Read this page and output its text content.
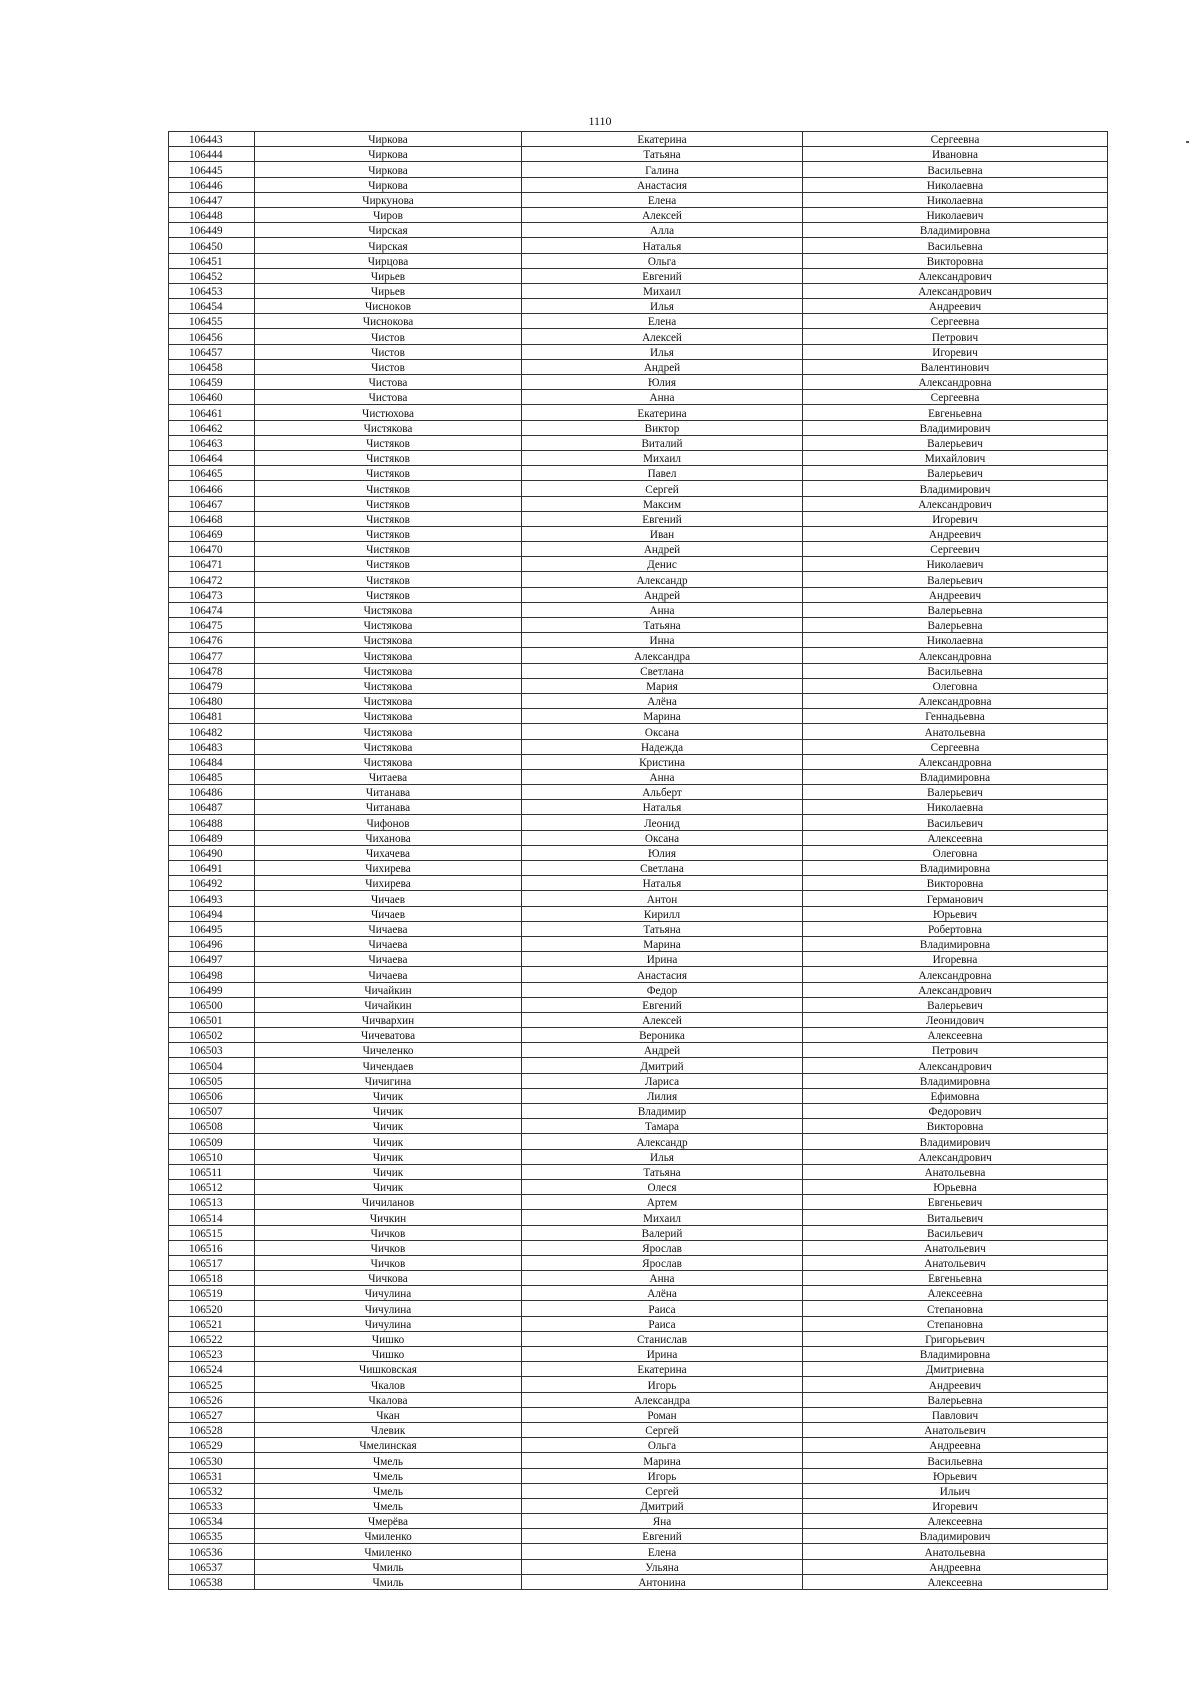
1110
106443	Чиркова	Екатерина	Сергеевна
106444	Чиркова	Татьяна	Ивановна
106445	Чиркова	Галина	Васильевна
106446	Чиркова	Анастасия	Николаевна
106447	Чиркунова	Елена	Николаевна
106448	Чиров	Алексей	Николаевич
106449	Чирская	Алла	Владимировна
106450	Чирская	Наталья	Васильевна
106451	Чирцова	Ольга	Викторовна
106452	Чирьев	Евгений	Александрович
106453	Чирьев	Михаил	Александрович
106454	Чиснокoв	Илья	Андреевич
106455	Чиснокова	Елена	Сергеевна
106456	Чистов	Алексей	Петрович
106457	Чистов	Илья	Игоревич
106458	Чистов	Андрей	Валентинович
106459	Чистова	Юлия	Александровна
106460	Чистова	Анна	Сергеевна
106461	Чистюхова	Екатерина	Евгеньевна
106462	Чистякова	Виктор	Владимирович
106463	Чистяков	Виталий	Валерьевич
106464	Чистяков	Михаил	Михайлович
106465	Чистяков	Павел	Валерьевич
106466	Чистяков	Сергей	Владимирович
106467	Чистяков	Максим	Александрович
106468	Чистяков	Евгений	Игоревич
106469	Чистяков	Иван	Андреевич
106470	Чистяков	Андрей	Сергеевич
106471	Чистяков	Денис	Николаевич
106472	Чистяков	Александр	Валерьевич
106473	Чистяков	Андрей	Андреевич
106474	Чистякова	Анна	Валерьевна
106475	Чистякова	Татьяна	Валерьевна
106476	Чистякова	Инна	Николаевна
106477	Чистякова	Александра	Александровна
106478	Чистякова	Светлана	Васильевна
106479	Чистякова	Мария	Олеговна
106480	Чистякова	Алёна	Александровна
106481	Чистякова	Марина	Геннадьевна
106482	Чистякова	Оксана	Анатольевна
106483	Чистякова	Надежда	Сергеевна
106484	Чистякова	Кристина	Александровна
106485	Читаева	Анна	Владимировна
106486	Читанава	Альберт	Валерьевич
106487	Читанава	Наталья	Николаевна
106488	Чифонов	Леонид	Васильевич
106489	Чиханова	Оксана	Алексеевна
106490	Чихачева	Юлия	Олеговна
106491	Чихирева	Светлана	Владимировна
106492	Чихирева	Наталья	Викторовна
106493	Чичаев	Антон	Германович
106494	Чичаев	Кирилл	Юрьевич
106495	Чичаева	Татьяна	Робертовна
106496	Чичаева	Марина	Владимировна
106497	Чичаева	Ирина	Игоревна
106498	Чичаева	Анастасия	Александровна
106499	Чичайкин	Федор	Александрович
106500	Чичайкин	Евгений	Валерьевич
106501	Чичвархин	Алексей	Леонидович
106502	Чичеватова	Вероника	Алексеевна
106503	Чичеленко	Андрей	Петрович
106504	Чичендаев	Дмитрий	Александрович
106505	Чичигина	Лариса	Владимировна
106506	Чичик	Лилия	Ефимовна
106507	Чичик	Владимир	Федорович
106508	Чичик	Тамара	Викторовна
106509	Чичик	Александр	Владимирович
106510	Чичик	Илья	Александрович
106511	Чичик	Татьяна	Анатольевна
106512	Чичик	Олеся	Юрьевна
106513	Чичиланов	Артем	Евгеньевич
106514	Чичкин	Михаил	Витальевич
106515	Чичков	Валерий	Васильевич
106516	Чичков	Ярослав	Анатольевич
106517	Чичков	Ярослав	Анатольевич
106518	Чичкова	Анна	Евгеньевна
106519	Чичулина	Алёна	Алексеевна
106520	Чичулина	Раиса	Степановна
106521	Чичулина	Раиса	Степановна
106522	Чишко	Станислав	Григорьевич
106523	Чишко	Ирина	Владимировна
106524	Чишковская	Екатерина	Дмитриевна
106525	Чкалов	Игорь	Андреевич
106526	Чкалова	Александра	Валерьевна
106527	Чкан	Роман	Павлович
106528	Члевик	Сергей	Анатольевич
106529	Чмелинская	Ольга	Андреевна
106530	Чмель	Марина	Васильевна
106531	Чмель	Игорь	Юрьевич
106532	Чмель	Сергей	Ильич
106533	Чмель	Дмитрий	Игоревич
106534	Чмерёва	Яна	Алексеевна
106535	Чмиленко	Евгений	Владимирович
106536	Чмиленко	Елена	Анатольевна
106537	Чмиль	Ульяна	Андреевна
106538	Чмиль	Антонина	Алексеевна
